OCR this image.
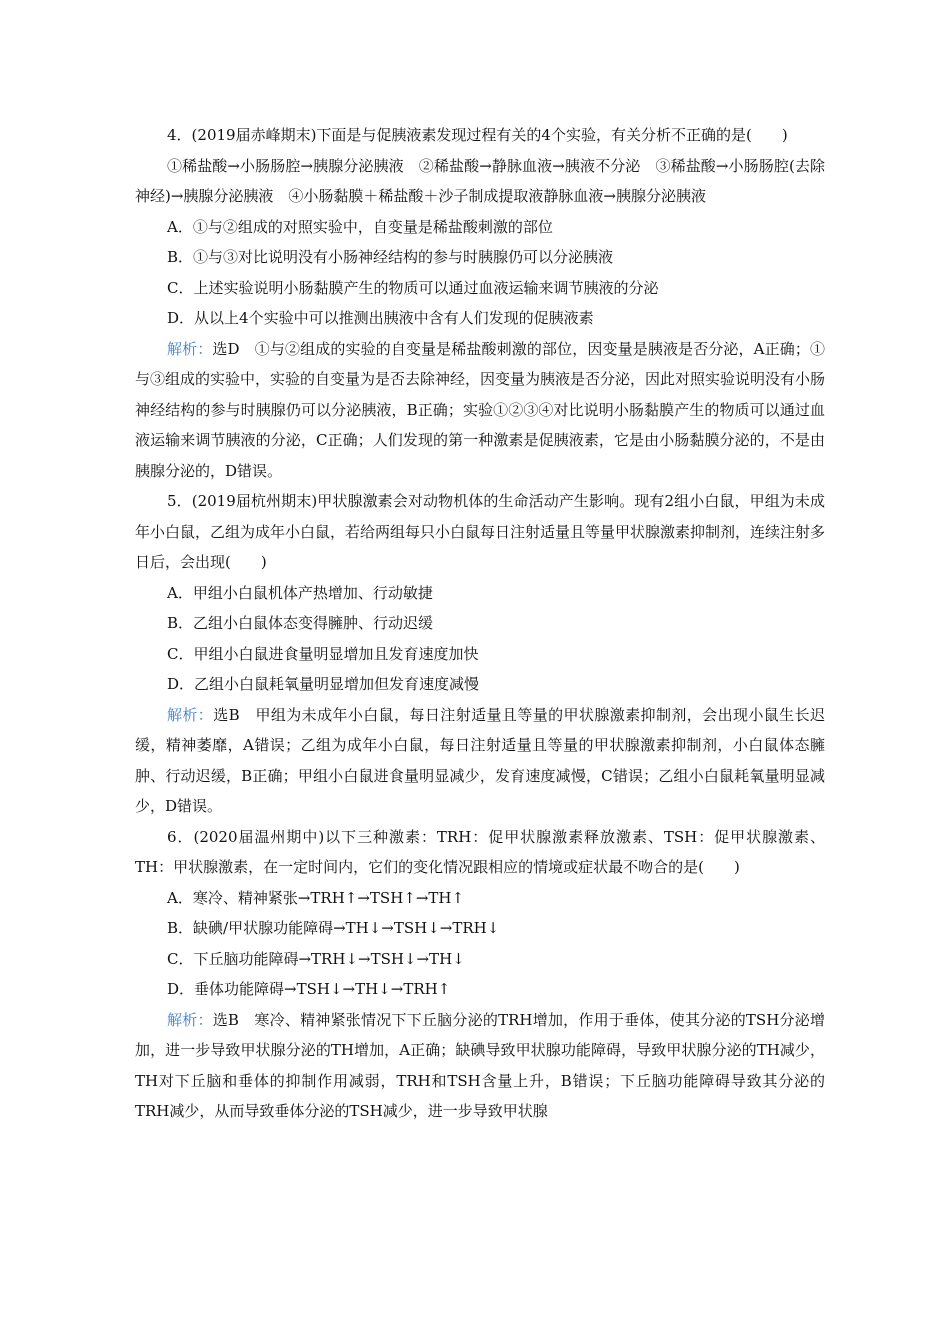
4．(2019届赤峰期末)下面是与促胰液素发现过程有关的4个实验，有关分析不正确的是(　　)

①稀盐酸→小肠肠腔→胰腺分泌胰液　②稀盐酸→静脉血液→胰液不分泌　③稀盐酸→小肠肠腔(去除神经)→胰腺分泌胰液　④小肠黏膜＋稀盐酸＋沙子制成提取液静脉血液→胰腺分泌胰液

A．①与②组成的对照实验中，自变量是稀盐酸刺激的部位

B．①与③对比说明没有小肠神经结构的参与时胰腺仍可以分泌胰液

C．上述实验说明小肠黏膜产生的物质可以通过血液运输来调节胰液的分泌

D．从以上4个实验中可以推测出胰液中含有人们发现的促胰液素

解析：选D　①与②组成的实验的自变量是稀盐酸刺激的部位，因变量是胰液是否分泌，A正确；①与③组成的实验中，实验的自变量为是否去除神经，因变量为胰液是否分泌，因此对照实验说明没有小肠神经结构的参与时胰腺仍可以分泌胰液，B正确；实验①②③④对比说明小肠黏膜产生的物质可以通过血液运输来调节胰液的分泌，C正确；人们发现的第一种激素是促胰液素，它是由小肠黏膜分泌的，不是由胰腺分泌的，D错误。

5．(2019届杭州期末)甲状腺激素会对动物机体的生命活动产生影响。现有2组小白鼠，甲组为未成年小白鼠，乙组为成年小白鼠，若给两组每只小白鼠每日注射适量且等量甲状腺激素抑制剂，连续注射多日后，会出现(　　)

A．甲组小白鼠机体产热增加、行动敏捷

B．乙组小白鼠体态变得臃肿、行动迟缓

C．甲组小白鼠进食量明显增加且发育速度加快

D．乙组小白鼠耗氧量明显增加但发育速度减慢

解析：选B　甲组为未成年小白鼠，每日注射适量且等量的甲状腺激素抑制剂，会出现小鼠生长迟缓，精神萎靡，A错误；乙组为成年小白鼠，每日注射适量且等量的甲状腺激素抑制剂，小白鼠体态臃肿、行动迟缓，B正确；甲组小白鼠进食量明显减少，发育速度减慢，C错误；乙组小白鼠耗氧量明显减少，D错误。

6．(2020届温州期中)以下三种激素：TRH：促甲状腺激素释放激素、TSH：促甲状腺激素、TH：甲状腺激素，在一定时间内，它们的变化情况跟相应的情境或症状最不吻合的是(　　)

A．寒冷、精神紧张→TRH↑→TSH↑→TH↑

B．缺碘/甲状腺功能障碍→TH↓→TSH↓→TRH↓

C．下丘脑功能障碍→TRH↓→TSH↓→TH↓

D．垂体功能障碍→TSH↓→TH↓→TRH↑

解析：选B　寒冷、精神紧张情况下下丘脑分泌的TRH增加，作用于垂体，使其分泌的TSH分泌增加，进一步导致甲状腺分泌的TH增加，A正确；缺碘导致甲状腺功能障碍，导致甲状腺分泌的TH减少，TH对下丘脑和垂体的抑制作用减弱，TRH和TSH含量上升，B错误；下丘脑功能障碍导致其分泌的TRH减少，从而导致垂体分泌的TSH减少，进一步导致甲状腺
